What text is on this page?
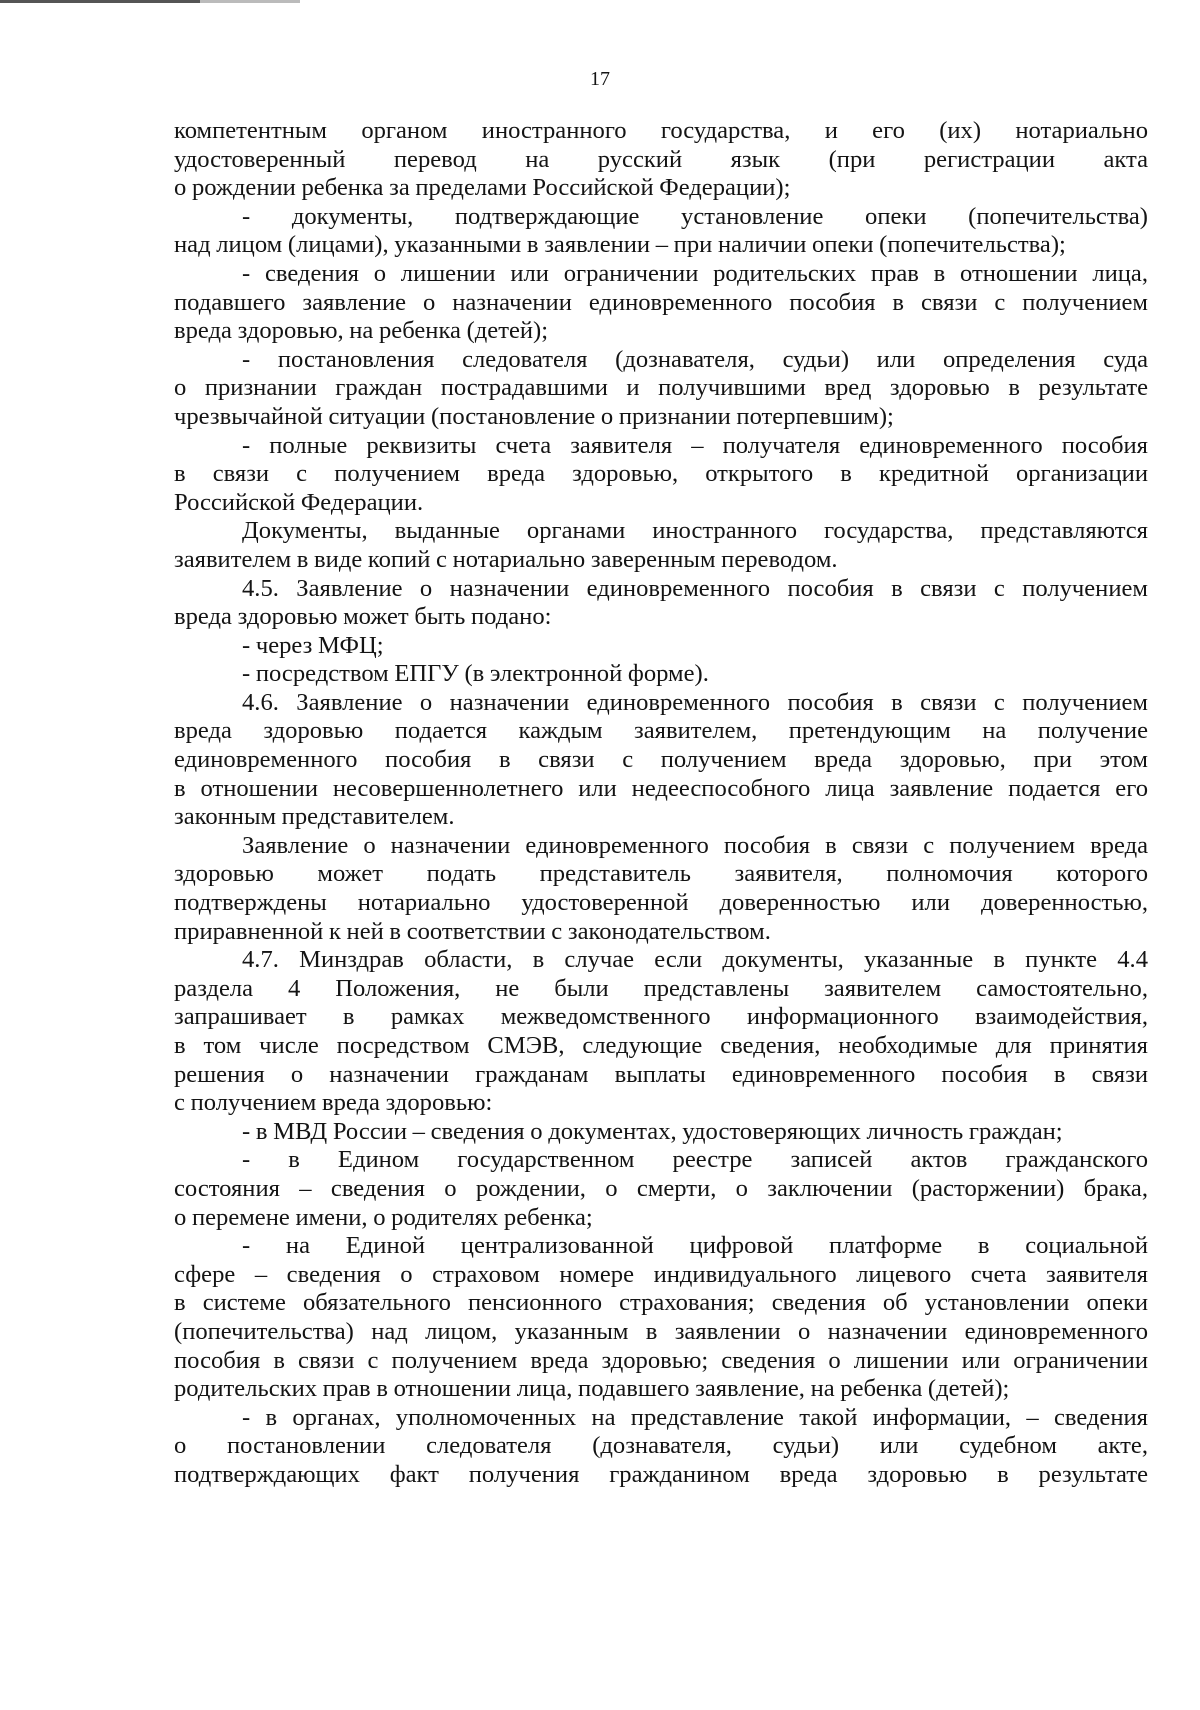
17

компетентным органом иностранного государства, и его (их) нотариально
удостоверенный перевод на русский язык (при регистрации акта
о рождении ребенка за пределами Российской Федерации);

- документы, подтверждающие установление опеки (попечительства)
над лицом (лицами), указанными в заявлении – при наличии опеки (попечительства);

- сведения о лишении или ограничении родительских прав в отношении лица,
подавшего заявление о назначении единовременного пособия в связи с получением
вреда здоровью, на ребенка (детей);

- постановления следователя (дознавателя, судьи) или определения суда
о признании граждан пострадавшими и получившими вред здоровью в результате
чрезвычайной ситуации (постановление о признании потерпевшим);

- полные реквизиты счета заявителя – получателя единовременного пособия
в связи с получением вреда здоровью, открытого в кредитной организации
Российской Федерации.

Документы, выданные органами иностранного государства, представляются
заявителем в виде копий с нотариально заверенным переводом.

4.5. Заявление о назначении единовременного пособия в связи с получением
вреда здоровью может быть подано:

- через МФЦ;

- посредством ЕПГУ (в электронной форме).

4.6. Заявление о назначении единовременного пособия в связи с получением
вреда здоровью подается каждым заявителем, претендующим на получение
единовременного пособия в связи с получением вреда здоровью, при этом
в отношении несовершеннолетнего или недееспособного лица заявление подается его
законным представителем.

Заявление о назначении единовременного пособия в связи с получением вреда
здоровью может подать представитель заявителя, полномочия которого
подтверждены нотариально удостоверенной доверенностью или доверенностью,
приравненной к ней в соответствии с законодательством.

4.7. Минздрав области, в случае если документы, указанные в пункте 4.4
раздела 4 Положения, не были представлены заявителем самостоятельно,
запрашивает в рамках межведомственного информационного взаимодействия,
в том числе посредством СМЭВ, следующие сведения, необходимые для принятия
решения о назначении гражданам выплаты единовременного пособия в связи
с получением вреда здоровью:

- в МВД России – сведения о документах, удостоверяющих личность граждан;

- в Едином государственном реестре записей актов гражданского
состояния – сведения о рождении, о смерти, о заключении (расторжении) брака,
о перемене имени, о родителях ребенка;

- на Единой централизованной цифровой платформе в социальной
сфере – сведения о страховом номере индивидуального лицевого счета заявителя
в системе обязательного пенсионного страхования; сведения об установлении опеки
(попечительства) над лицом, указанным в заявлении о назначении единовременного
пособия в связи с получением вреда здоровью; сведения о лишении или ограничении
родительских прав в отношении лица, подавшего заявление, на ребенка (детей);

- в органах, уполномоченных на представление такой информации, – сведения
о постановлении следователя (дознавателя, судьи) или судебном акте,
подтверждающих факт получения гражданином вреда здоровью в результате
